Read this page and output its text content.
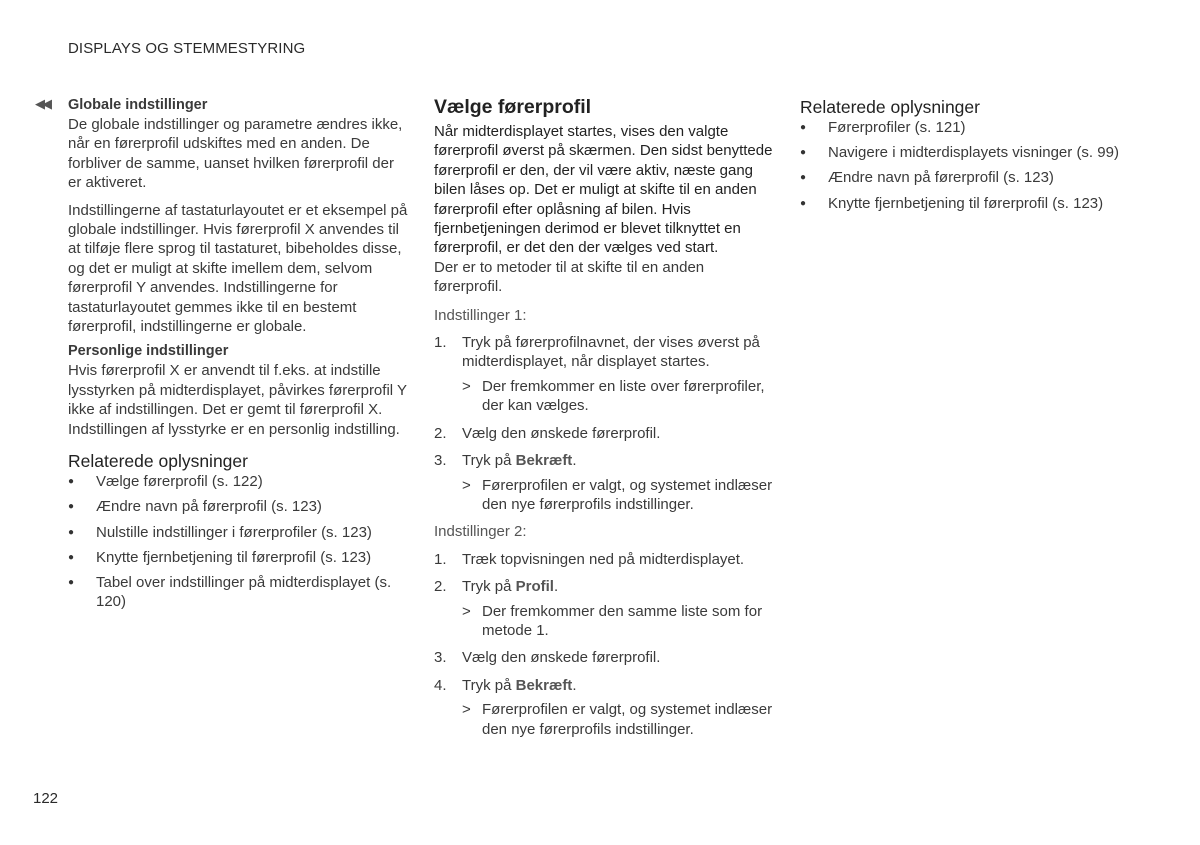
DISPLAYS OG STEMMESTYRING
◀◀ Globale indstillinger

De globale indstillinger og parametre ændres ikke, når en førerprofil udskiftes med en anden. De forbliver de samme, uanset hvilken førerprofil der er aktiveret.

Indstillingerne af tastaturlayoutet er et eksempel på globale indstillinger. Hvis førerprofil X anvendes til at tilføje flere sprog til tastaturet, bibeholdes disse, og det er muligt at skifte imellem dem, selvom førerprofil Y anvendes. Indstillingerne for tastaturlayoutet gemmes ikke til en bestemt førerprofil, indstillingerne er globale.

Personlige indstillinger

Hvis førerprofil X er anvendt til f.eks. at indstille lysstyrken på midterdisplayet, påvirkes førerprofil Y ikke af indstillingen. Det er gemt til førerprofil X. Indstillingen af lysstyrke er en personlig indstilling.

Relaterede oplysninger
● Vælge førerprofil (s. 122)
● Ændre navn på førerprofil (s. 123)
● Nulstille indstillinger i førerprofiler (s. 123)
● Knytte fjernbetjening til førerprofil (s. 123)
● Tabel over indstillinger på midterdisplayet (s. 120)
Vælge førerprofil

Når midterdisplayet startes, vises den valgte førerprofil øverst på skærmen. Den sidst benyttede førerprofil er den, der vil være aktiv, næste gang bilen låses op. Det er muligt at skifte til en anden førerprofil efter oplåsning af bilen. Hvis fjernbetjeningen derimod er blevet tilknyttet en førerprofil, er det den der vælges ved start.

Der er to metoder til at skifte til en anden førerprofil.

Indstillinger 1:

1. Tryk på førerprofilnavnet, der vises øverst på midterdisplayet, når displayet startes.
> Der fremkommer en liste over førerprofiler, der kan vælges.
2. Vælg den ønskede førerprofil.
3. Tryk på Bekræft.
> Førerprofilen er valgt, og systemet indlæser den nye førerprofils indstillinger.

Indstillinger 2:

1. Træk topvisningen ned på midterdisplayet.
2. Tryk på Profil.
> Der fremkommer den samme liste som for metode 1.
3. Vælg den ønskede førerprofil.
4. Tryk på Bekræft.
> Førerprofilen er valgt, og systemet indlæser den nye førerprofils indstillinger.
Relaterede oplysninger
● Førerprofiler (s. 121)
● Navigere i midterdisplayets visninger (s. 99)
● Ændre navn på førerprofil (s. 123)
● Knytte fjernbetjening til førerprofil (s. 123)
122
